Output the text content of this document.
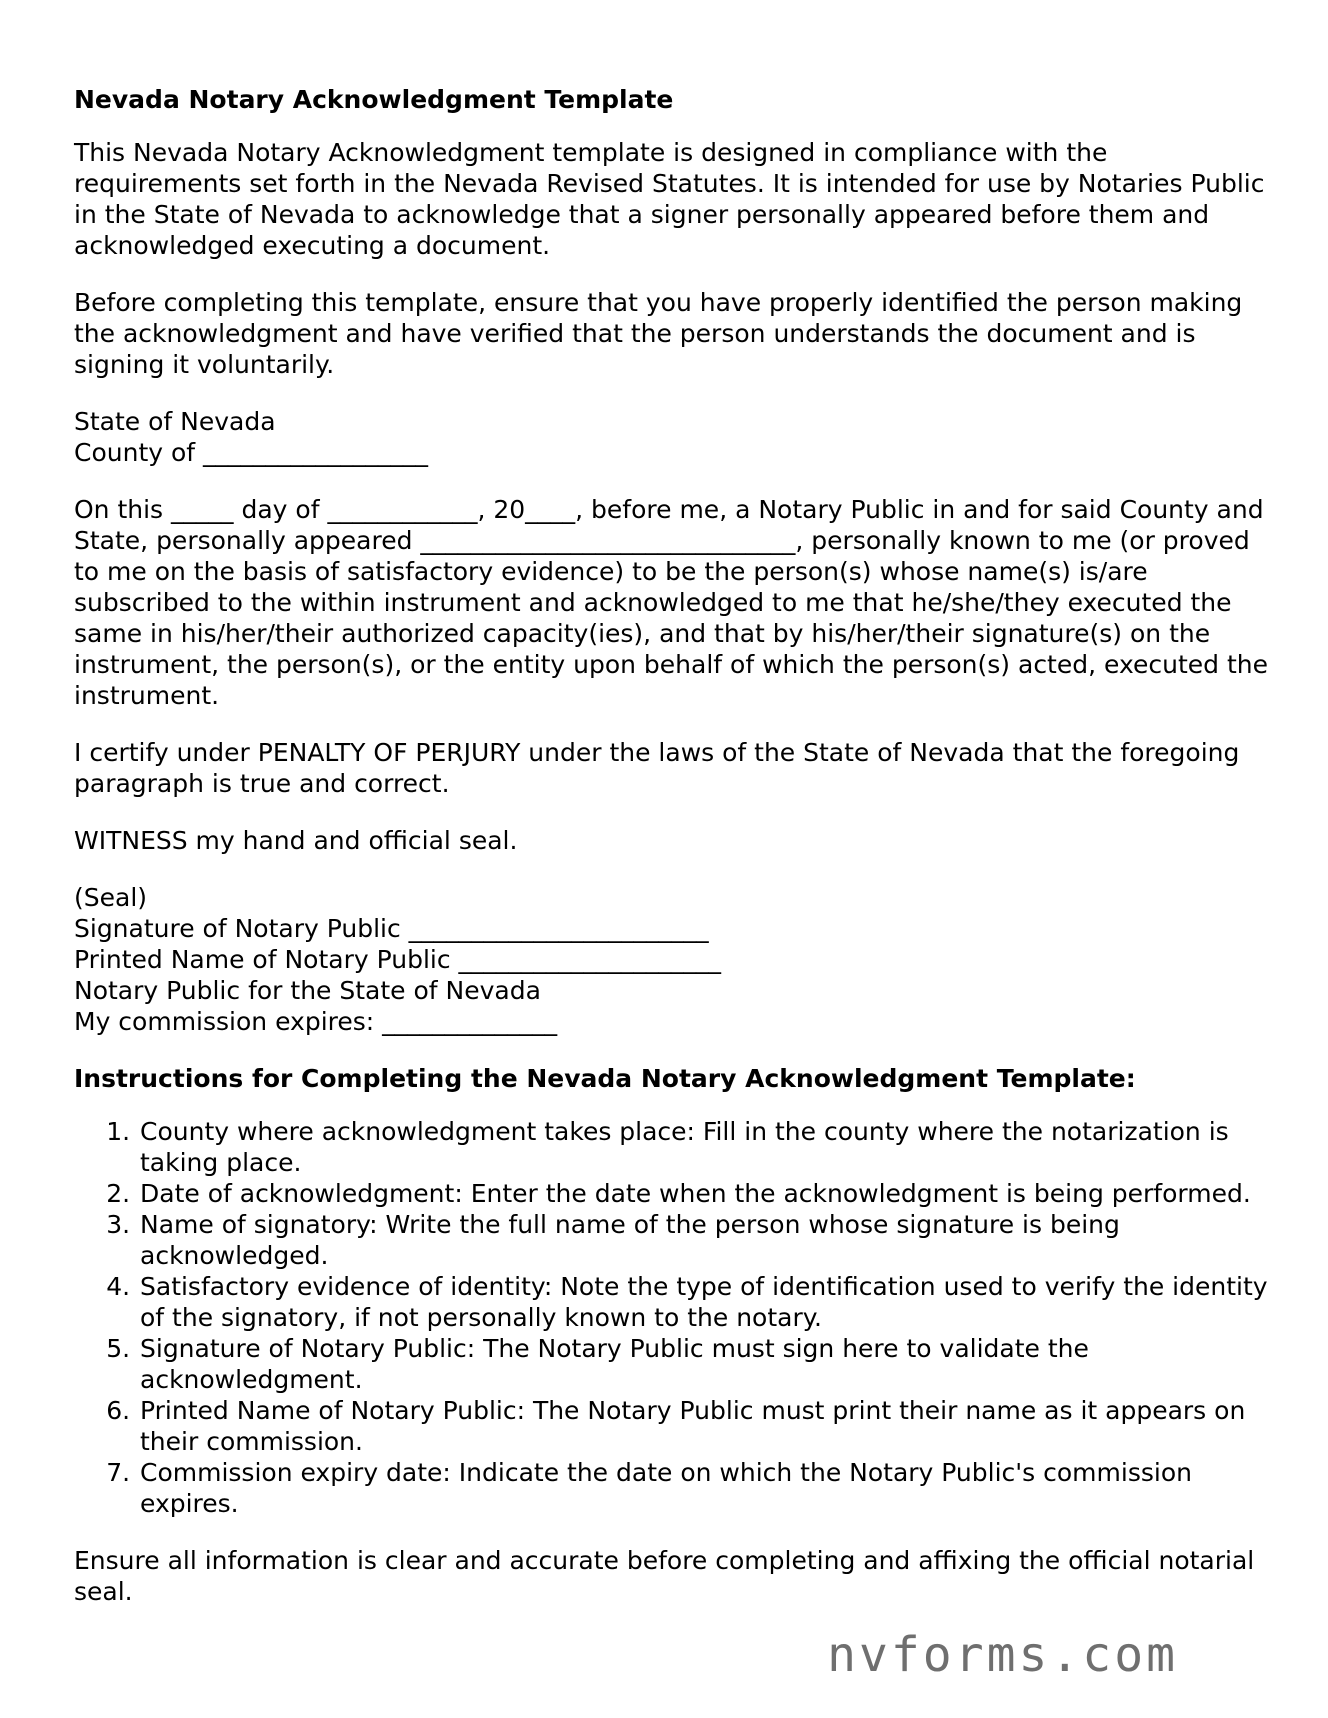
Nevada Notary Acknowledgment Template

This Nevada Notary Acknowledgment template is designed in compliance with the requirements set forth in the Nevada Revised Statutes. It is intended for use by Notaries Public in the State of Nevada to acknowledge that a signer personally appeared before them and acknowledged executing a document.

Before completing this template, ensure that you have properly identified the person making the acknowledgment and have verified that the person understands the document and is signing it voluntarily.

State of Nevada
County of __________________

On this _____ day of ____________, 20____, before me, a Notary Public in and for said County and State, personally appeared ______________________________, personally known to me (or proved to me on the basis of satisfactory evidence) to be the person(s) whose name(s) is/are subscribed to the within instrument and acknowledged to me that he/she/they executed the same in his/her/their authorized capacity(ies), and that by his/her/their signature(s) on the instrument, the person(s), or the entity upon behalf of which the person(s) acted, executed the instrument.

I certify under PENALTY OF PERJURY under the laws of the State of Nevada that the foregoing paragraph is true and correct.

WITNESS my hand and official seal.

(Seal)
Signature of Notary Public ________________________
Printed Name of Notary Public _____________________
Notary Public for the State of Nevada
My commission expires: ______________

Instructions for Completing the Nevada Notary Acknowledgment Template:
1. County where acknowledgment takes place: Fill in the county where the notarization is taking place.
2. Date of acknowledgment: Enter the date when the acknowledgment is being performed.
3. Name of signatory: Write the full name of the person whose signature is being acknowledged.
4. Satisfactory evidence of identity: Note the type of identification used to verify the identity of the signatory, if not personally known to the notary.
5. Signature of Notary Public: The Notary Public must sign here to validate the acknowledgment.
6. Printed Name of Notary Public: The Notary Public must print their name as it appears on their commission.
7. Commission expiry date: Indicate the date on which the Notary Public's commission expires.

Ensure all information is clear and accurate before completing and affixing the official notarial seal.

nvforms.com
